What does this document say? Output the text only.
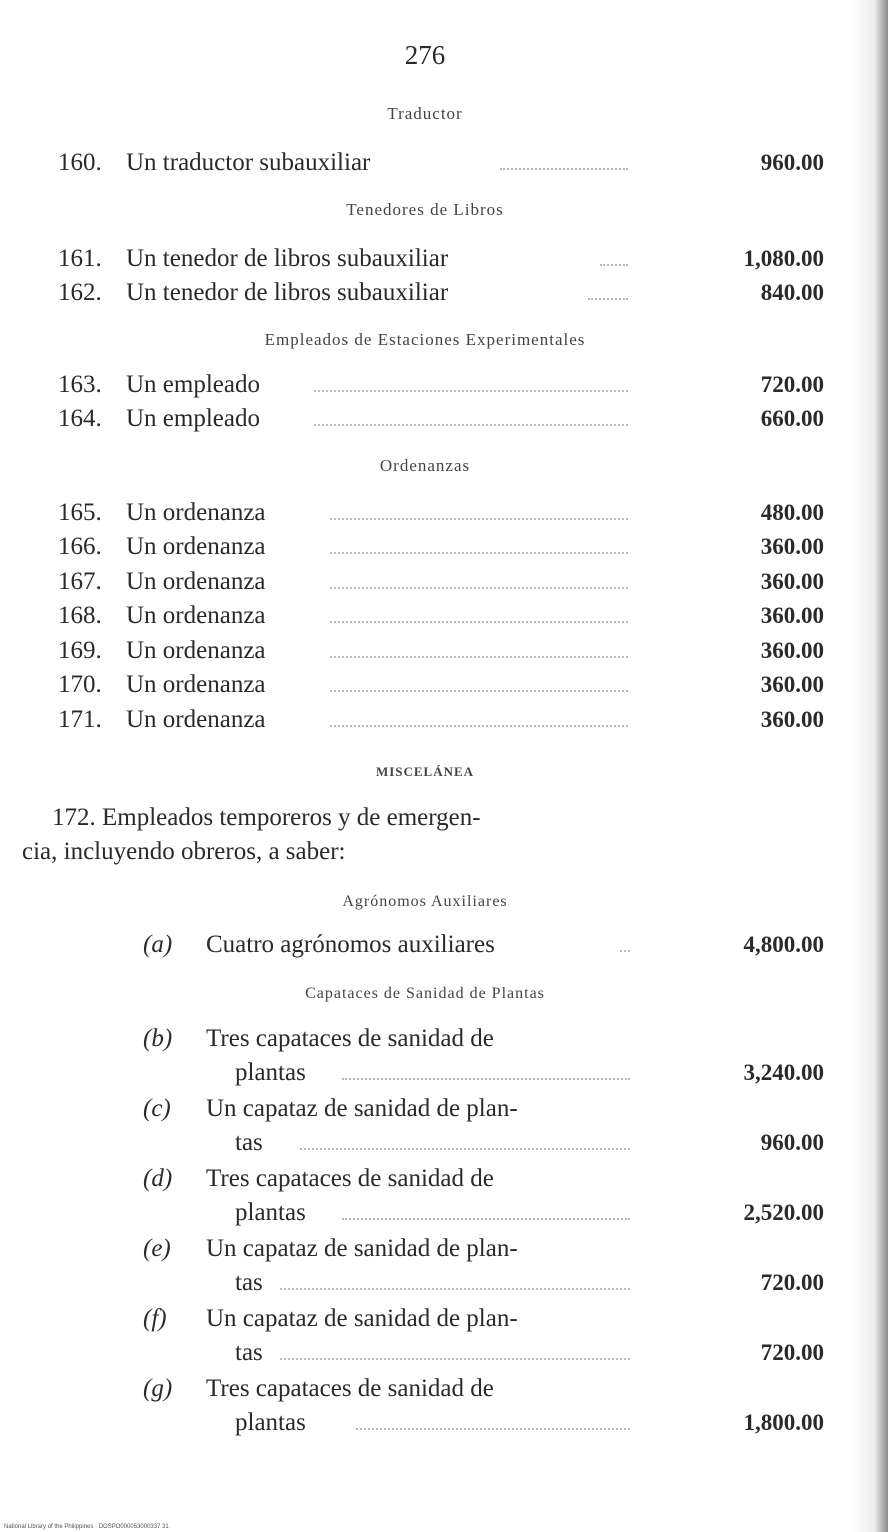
276
Traductor
160. Un traductor subauxiliar	960.00
Tenedores de Libros
161. Un tenedor de libros subauxiliar	1,080.00
162. Un tenedor de libros subauxiliar	840.00
Empleados de Estaciones Experimentales
163. Un empleado	720.00
164. Un empleado	660.00
Ordenanzas
165. Un ordenanza	480.00
166. Un ordenanza	360.00
167. Un ordenanza	360.00
168. Un ordenanza	360.00
169. Un ordenanza	360.00
170. Un ordenanza	360.00
171. Un ordenanza	360.00
MISCELÁNEA
172. Empleados temporeros y de emergen-
cia, incluyendo obreros, a saber:
Agrónomos Auxiliares
(a) Cuatro agrónomos auxiliares	4,800.00
Capataces de Sanidad de Plantas
(b) Tres capataces de sanidad de
plantas	3,240.00
(c) Un capataz de sanidad de plan-
tas	960.00
(d) Tres capataces de sanidad de
plantas	2,520.00
(e) Un capataz de sanidad de plan-
tas	720.00
(f) Un capataz de sanidad de plan-
tas	720.00
(g) Tres capataces de sanidad de
plantas	1,800.00
National Library of the Philippines · DOSPO000053000337 31
